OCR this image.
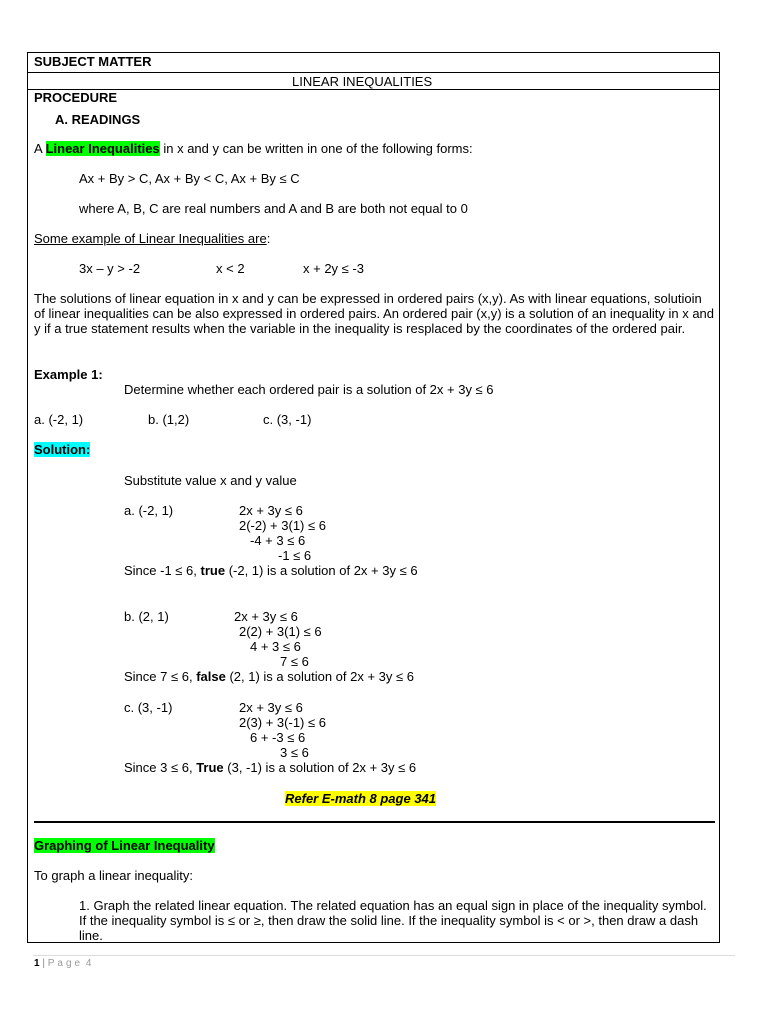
SUBJECT MATTER
LINEAR INEQUALITIES
PROCEDURE
A. READINGS
A Linear Inequalities in x and y can be written in one of the following forms:
Ax + By > C, Ax + By < C, Ax + By ≤ C
where A, B, C are real numbers and A and B are both not equal to 0
Some example of Linear Inequalities are:
3x – y > -2	x < 2	x + 2y ≤ -3
The solutions of linear equation in x and y can be expressed in ordered pairs (x,y). As with linear equations, solutioin of linear inequalities can be also expressed in ordered pairs. An ordered pair (x,y) is a solution of an inequality in x and y if a true statement results when the variable in the inequality is resplaced by the coordinates of the ordered pair.
Example 1:
Determine whether each ordered pair is a solution of 2x + 3y ≤ 6
a. (-2, 1)	b. (1,2)	c. (3, -1)
Solution:
Substitute value x and y value
a. (-2, 1)	2x + 3y ≤ 6
2(-2) + 3(1) ≤ 6
-4 + 3 ≤ 6
-1 ≤ 6
Since -1 ≤ 6, true (-2, 1) is a solution of 2x + 3y ≤ 6
b. (2, 1)	2x + 3y ≤ 6
2(2) + 3(1) ≤ 6
4 + 3 ≤ 6
7 ≤ 6
Since 7 ≤ 6, false (2, 1) is a solution of 2x + 3y ≤ 6
c. (3, -1)	2x + 3y ≤ 6
2(3) + 3(-1) ≤ 6
6 + -3 ≤ 6
3 ≤ 6
Since 3 ≤ 6, True (3, -1) is a solution of 2x + 3y ≤ 6
Refer E-math 8 page 341
Graphing of Linear Inequality
To graph a linear inequality:
1. Graph the related linear equation. The related equation has an equal sign in place of the inequality symbol. If the inequality symbol is ≤ or ≥, then draw the solid line. If the inequality symbol is < or >, then draw a dash line.
1 | Page 4
